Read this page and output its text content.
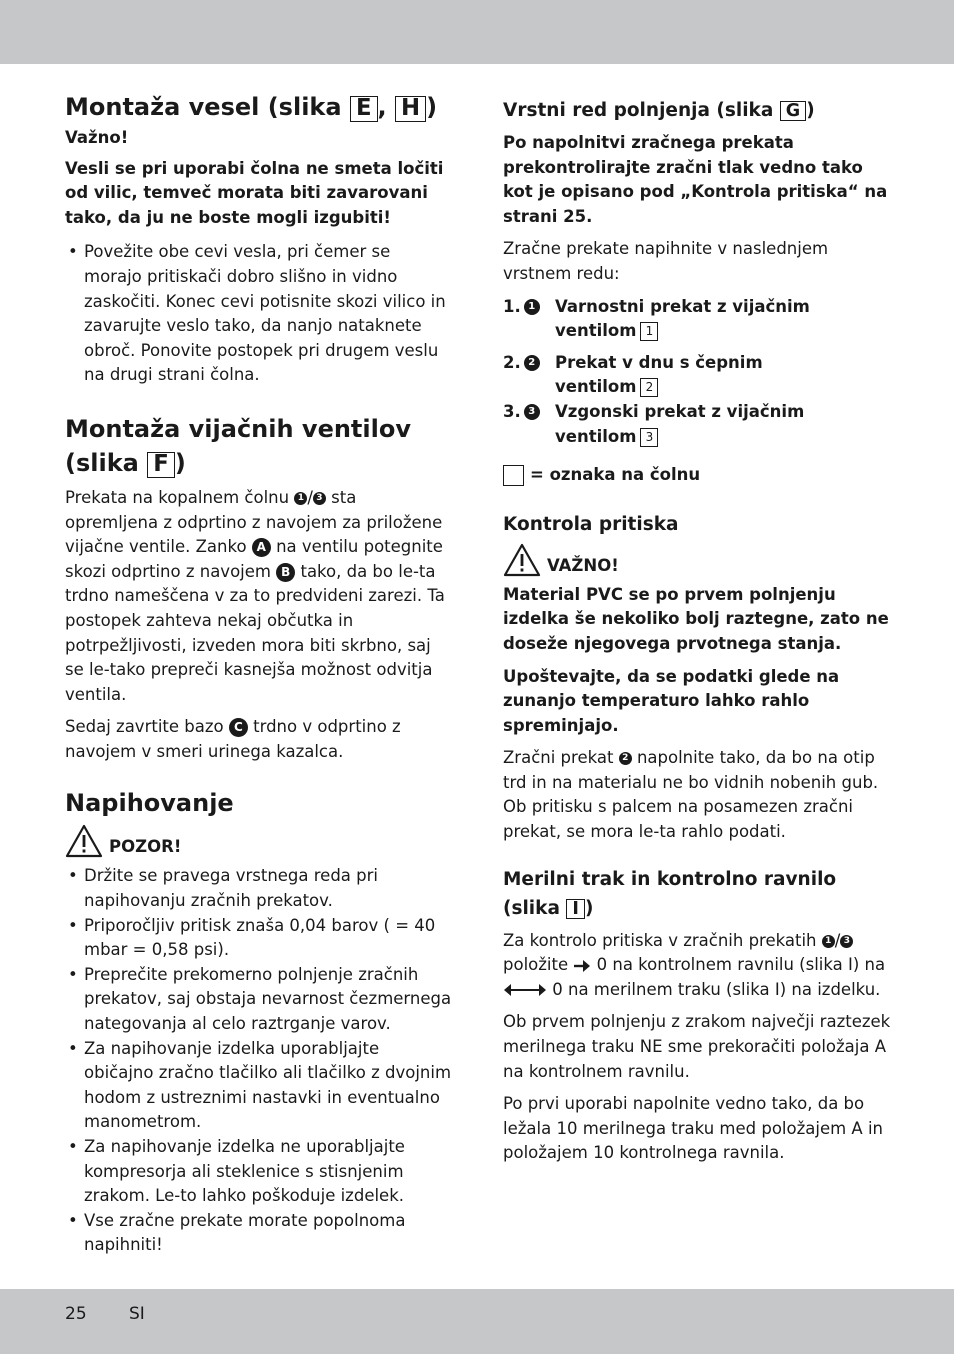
Montaža vesel (slika E , H )

Važno!

Vesli se pri uporabi čolna ne smeta ločiti od vilic, temveč morata biti zavarovani tako, da ju ne boste mogli izgubiti!

• Povežite obe cevi vesla, pri čemer se morajo pritiskači dobro slišno in vidno zaskočiti. Konec cevi potisnite skozi vilico in zavarujte veslo tako, da nanjo nataknete obroč. Ponovite postopek pri drugem veslu na drugi strani čolna.
Montaža vijačnih ventilov (slika F )

Prekata na kopalnem čolnu 1 / 3 sta opremljena z odprtino z navojem za priložene vijačne ventile. Zanko A na ventilu potegnite skozi odprtino z navojem B tako, da bo le-ta trdno nameščena v za to predvideni zarezi. Ta postopek zahteva nekaj občutka in potrpežljivosti, izveden mora biti skrbno, saj se le-tako prepreči kasnejša možnost odvitja ventila.

Sedaj zavrtite bazo C trdno v odprtino z navojem v smeri urinega kazalca.

Napihovanje
POZOR!
• Držite se pravega vrstnega reda pri napihovanju zračnih prekatov.
• Priporočljiv pritisk znaša 0,04 barov ( = 40 mbar = 0,58 psi).
• Preprečite prekomerno polnjenje zračnih prekatov, saj obstaja nevarnost čezmernega nategovanja al celo raztrganje varov.
• Za napihovanje izdelka uporabljajte običajno zračno tlačilko ali tlačilko z dvojnim hodom z ustreznimi nastavki in eventualno manometrom.
• Za napihovanje izdelka ne uporabljajte kompresorja ali steklenice s stisnjenim zrakom. Le-to lahko poškoduje izdelek.
• Vse zračne prekate morate popolnoma napihniti!
Vrstni red polnjenja (slika G )

Po napolnitvi zračnega prekata prekontrolirajte zračni tlak vedno tako kot je opisano pod „Kontrola pritiska“ na strani 25.

Zračne prekate napihnite v naslednjem vrstnem redu:

1. 1 Varnostni prekat z vijačnim
ventilom 1
2. 2 Prekat v dnu s čepnim
ventilom 2
3. 3 Vzgonski prekat z vijačnim
ventilom 3
= oznaka na čolnu
Kontrola pritiska
VAŽNO!

Material PVC se po prvem polnjenju izdelka še nekoliko bolj raztegne, zato ne doseže njegovega prvotnega stanja.

Upoštevajte, da se podatki glede na zunanjo temperaturo lahko rahlo spreminjajo.

Zračni prekat 2 napolnite tako, da bo na otip trd in na materialu ne bo vidnih nobenih gub. Ob pritisku s palcem na posamezen zračni prekat, se mora le-ta rahlo podati.

Merilni trak in kontrolno ravnilo (slika I )

Za kontrolo pritiska v zračnih prekatih 1 / 3 položite 0 na kontrolnem ravnilu (slika I) na
0 na merilnem traku (slika I) na izdelku.

Ob prvem polnjenju z zrakom največji raztezek merilnega traku NE sme prekoračiti položaja A na kontrolnem ravnilu.

Po prvi uporabi napolnite vedno tako, da bo ležala 10 merilnega traku med položajem A in položajem 10 kontrolnega ravnila.

25 SI
